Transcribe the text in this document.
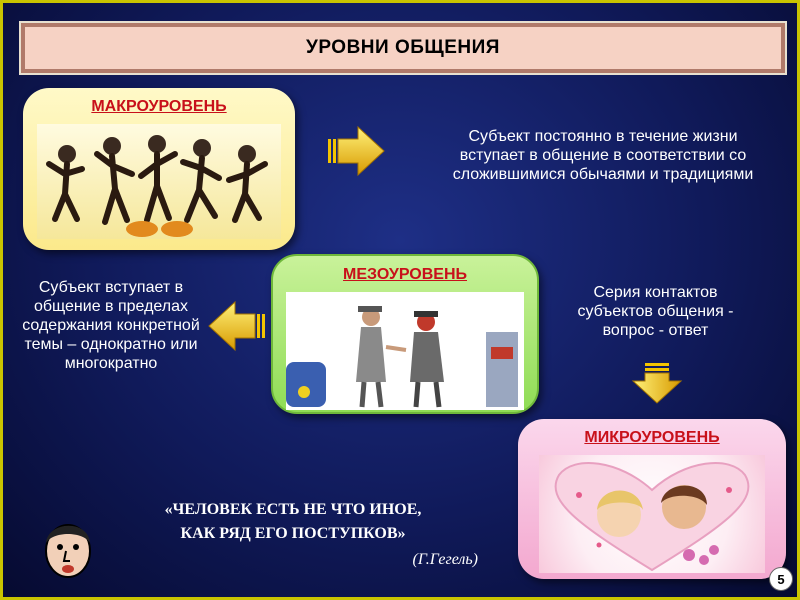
УРОВНИ ОБЩЕНИЯ
МАКРОУРОВЕНЬ
Субъект постоянно в течение жизни вступает в общение в соответствии со сложившимися обычаями и традициями
МЕЗОУРОВЕНЬ
Субъект вступает в общение в пределах содержания конкретной темы – однократно или многократно
МИКРОУРОВЕНЬ
Серия контактов субъектов общения - вопрос - ответ
«ЧЕЛОВЕК ЕСТЬ НЕ ЧТО ИНОЕ,
КАК РЯД ЕГО ПОСТУПКОВ»
(Г.Гегель)
5
